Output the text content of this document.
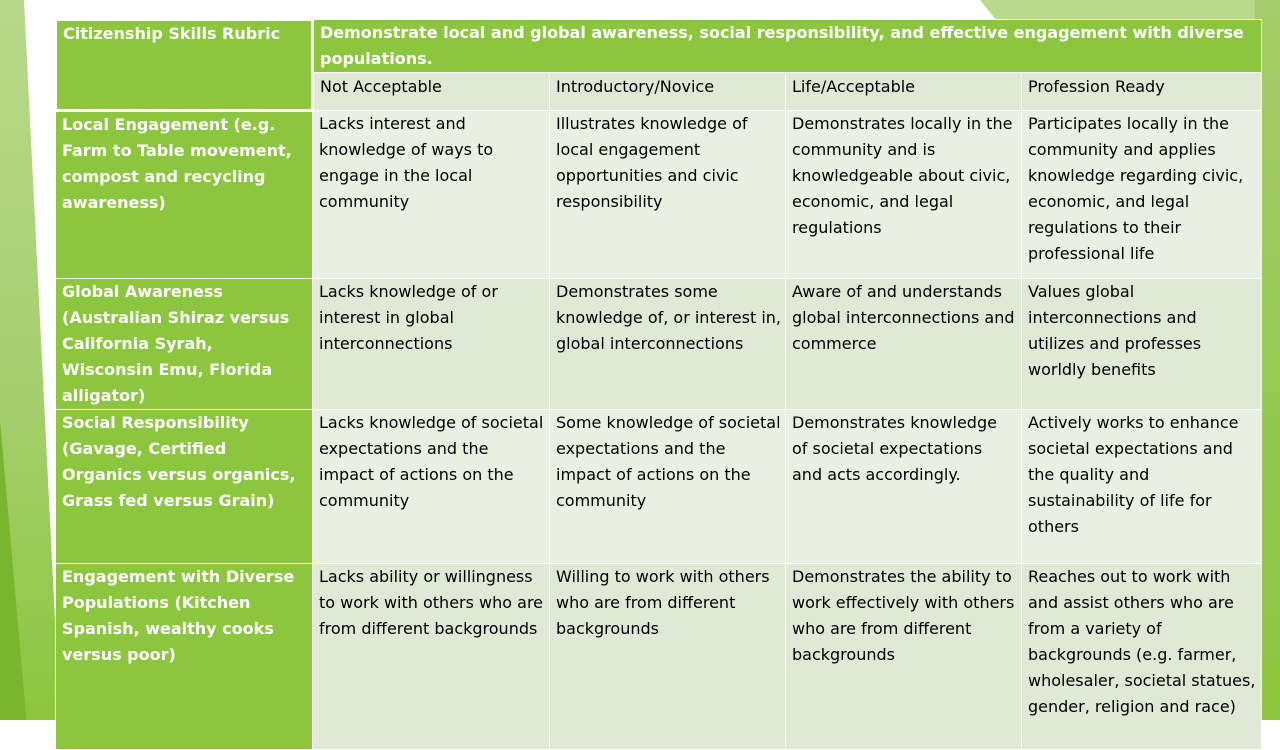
Citizenship Skills Rubric	Demonstrate local and global awareness, social responsibility, and effective engagement with diverse populations.			
	Not Acceptable	Introductory/Novice	Life/Acceptable	Profession Ready
Local Engagement (e.g. Farm to Table movement, compost and recycling awareness)	Lacks interest and knowledge of ways to engage in the local community	Illustrates knowledge of local engagement opportunities and civic responsibility	Demonstrates locally in the community and is knowledgeable about civic, economic, and legal regulations	Participates locally in the community and applies knowledge regarding civic, economic, and legal regulations to their professional life
Global Awareness (Australian Shiraz versus California Syrah, Wisconsin Emu, Florida alligator)	Lacks knowledge of or interest in global interconnections	Demonstrates some knowledge of, or interest in, global interconnections	Aware of and understands global interconnections and commerce	Values global interconnections and utilizes and professes worldly benefits
Social Responsibility (Gavage, Certified Organics versus organics, Grass fed versus Grain)	Lacks knowledge of societal expectations and the impact of actions on the community	Some knowledge of societal expectations and the impact of actions on the community	Demonstrates knowledge of societal expectations and acts accordingly.	Actively works to enhance societal expectations and the quality and sustainability of life for others
Engagement with Diverse Populations (Kitchen Spanish, wealthy cooks versus poor)	Lacks ability or willingness to work with others who are from different backgrounds	Willing to work with others who are from different backgrounds	Demonstrates the ability to work effectively with others who are from different backgrounds	Reaches out to work with and assist others who are from a variety of backgrounds (e.g. farmer, wholesaler, societal statues, gender, religion and race)
